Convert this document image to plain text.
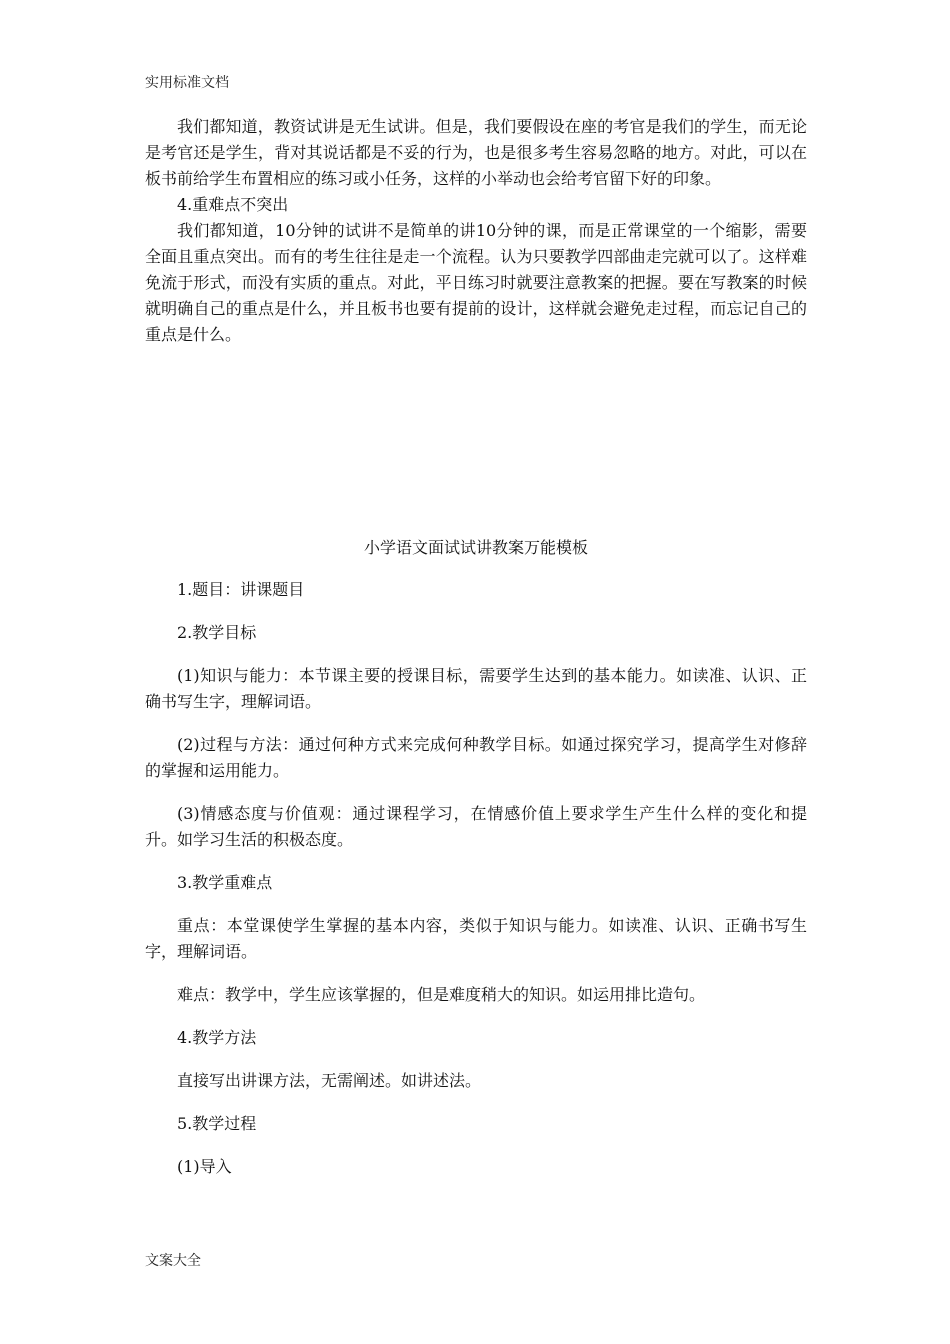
实用标准文档

我们都知道，教资试讲是无生试讲。但是，我们要假设在座的考官是我们的学生，而无论是考官还是学生，背对其说话都是不妥的行为，也是很多考生容易忽略的地方。对此，可以在板书前给学生布置相应的练习或小任务，这样的小举动也会给考官留下好的印象。

4.重难点不突出

我们都知道，10分钟的试讲不是简单的讲10分钟的课，而是正常课堂的一个缩影，需要全面且重点突出。而有的考生往往是走一个流程。认为只要教学四部曲走完就可以了。这样难免流于形式，而没有实质的重点。对此，平日练习时就要注意教案的把握。要在写教案的时候就明确自己的重点是什么，并且板书也要有提前的设计，这样就会避免走过程，而忘记自己的重点是什么。

小学语文面试试讲教案万能模板

1.题目：讲课题目

2.教学目标

(1)知识与能力：本节课主要的授课目标，需要学生达到的基本能力。如读准、认识、正确书写生字，理解词语。

(2)过程与方法：通过何种方式来完成何种教学目标。如通过探究学习，提高学生对修辞的掌握和运用能力。

(3)情感态度与价值观：通过课程学习，在情感价值上要求学生产生什么样的变化和提升。如学习生活的积极态度。

3.教学重难点

重点：本堂课使学生掌握的基本内容，类似于知识与能力。如读准、认识、正确书写生字，理解词语。

难点：教学中，学生应该掌握的，但是难度稍大的知识。如运用排比造句。

4.教学方法

直接写出讲课方法，无需阐述。如讲述法。

5.教学过程

(1)导入

文案大全
